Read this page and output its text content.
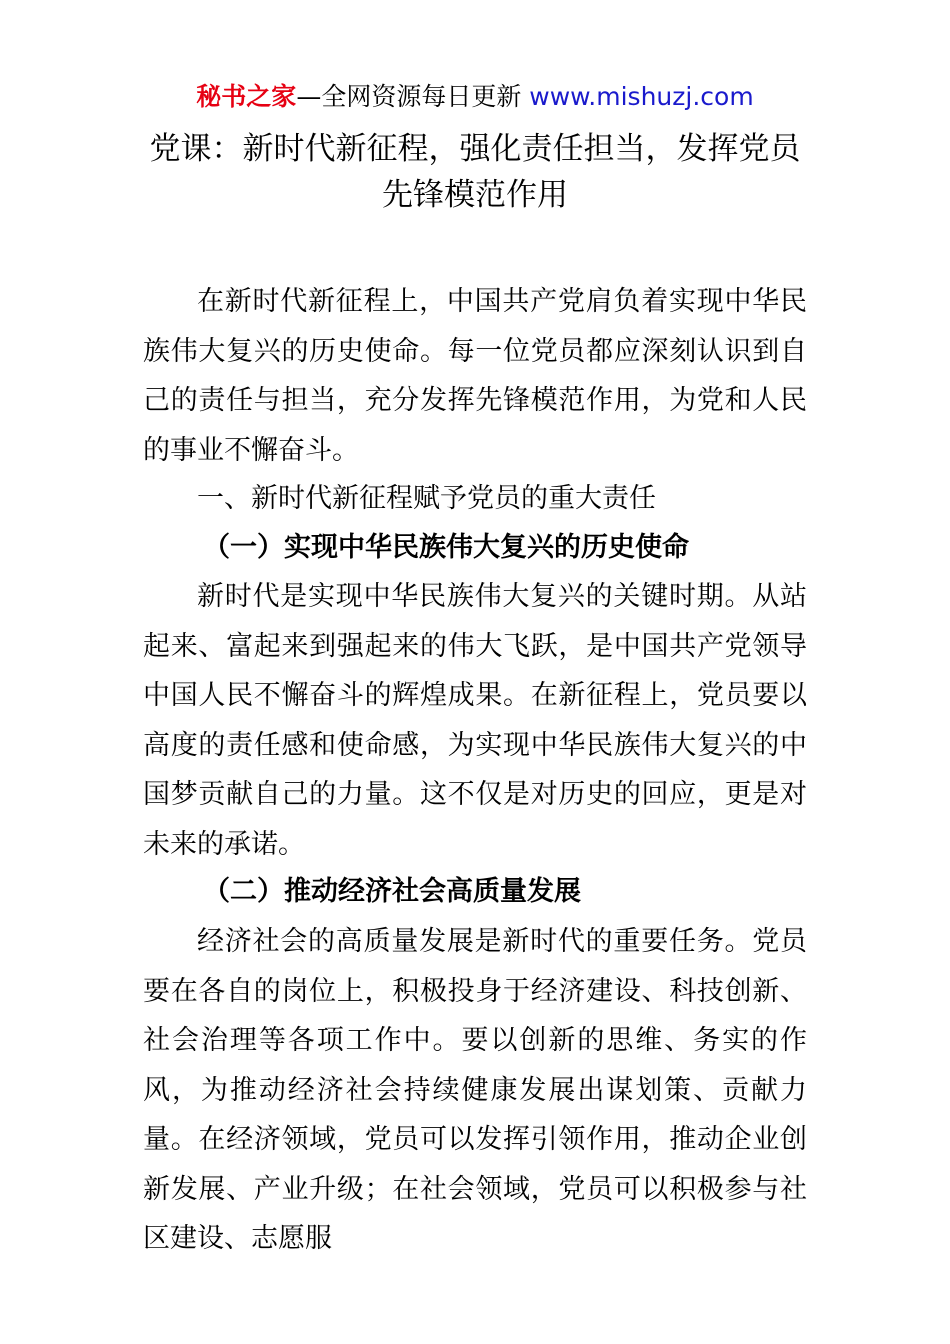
秘书之家—全网资源每日更新 www.mishuzj.com
党课：新时代新征程，强化责任担当，发挥党员先锋模范作用

在新时代新征程上，中国共产党肩负着实现中华民族伟大复兴的历史使命。每一位党员都应深刻认识到自己的责任与担当，充分发挥先锋模范作用，为党和人民的事业不懈奋斗。

一、新时代新征程赋予党员的重大责任

（一）实现中华民族伟大复兴的历史使命

新时代是实现中华民族伟大复兴的关键时期。从站起来、富起来到强起来的伟大飞跃，是中国共产党领导中国人民不懈奋斗的辉煌成果。在新征程上，党员要以高度的责任感和使命感，为实现中华民族伟大复兴的中国梦贡献自己的力量。这不仅是对历史的回应，更是对未来的承诺。

（二）推动经济社会高质量发展

经济社会的高质量发展是新时代的重要任务。党员要在各自的岗位上，积极投身于经济建设、科技创新、社会治理等各项工作中。要以创新的思维、务实的作风，为推动经济社会持续健康发展出谋划策、贡献力量。在经济领域，党员可以发挥引领作用，推动企业创新发展、产业升级；在社会领域，党员可以积极参与社区建设、志愿服
